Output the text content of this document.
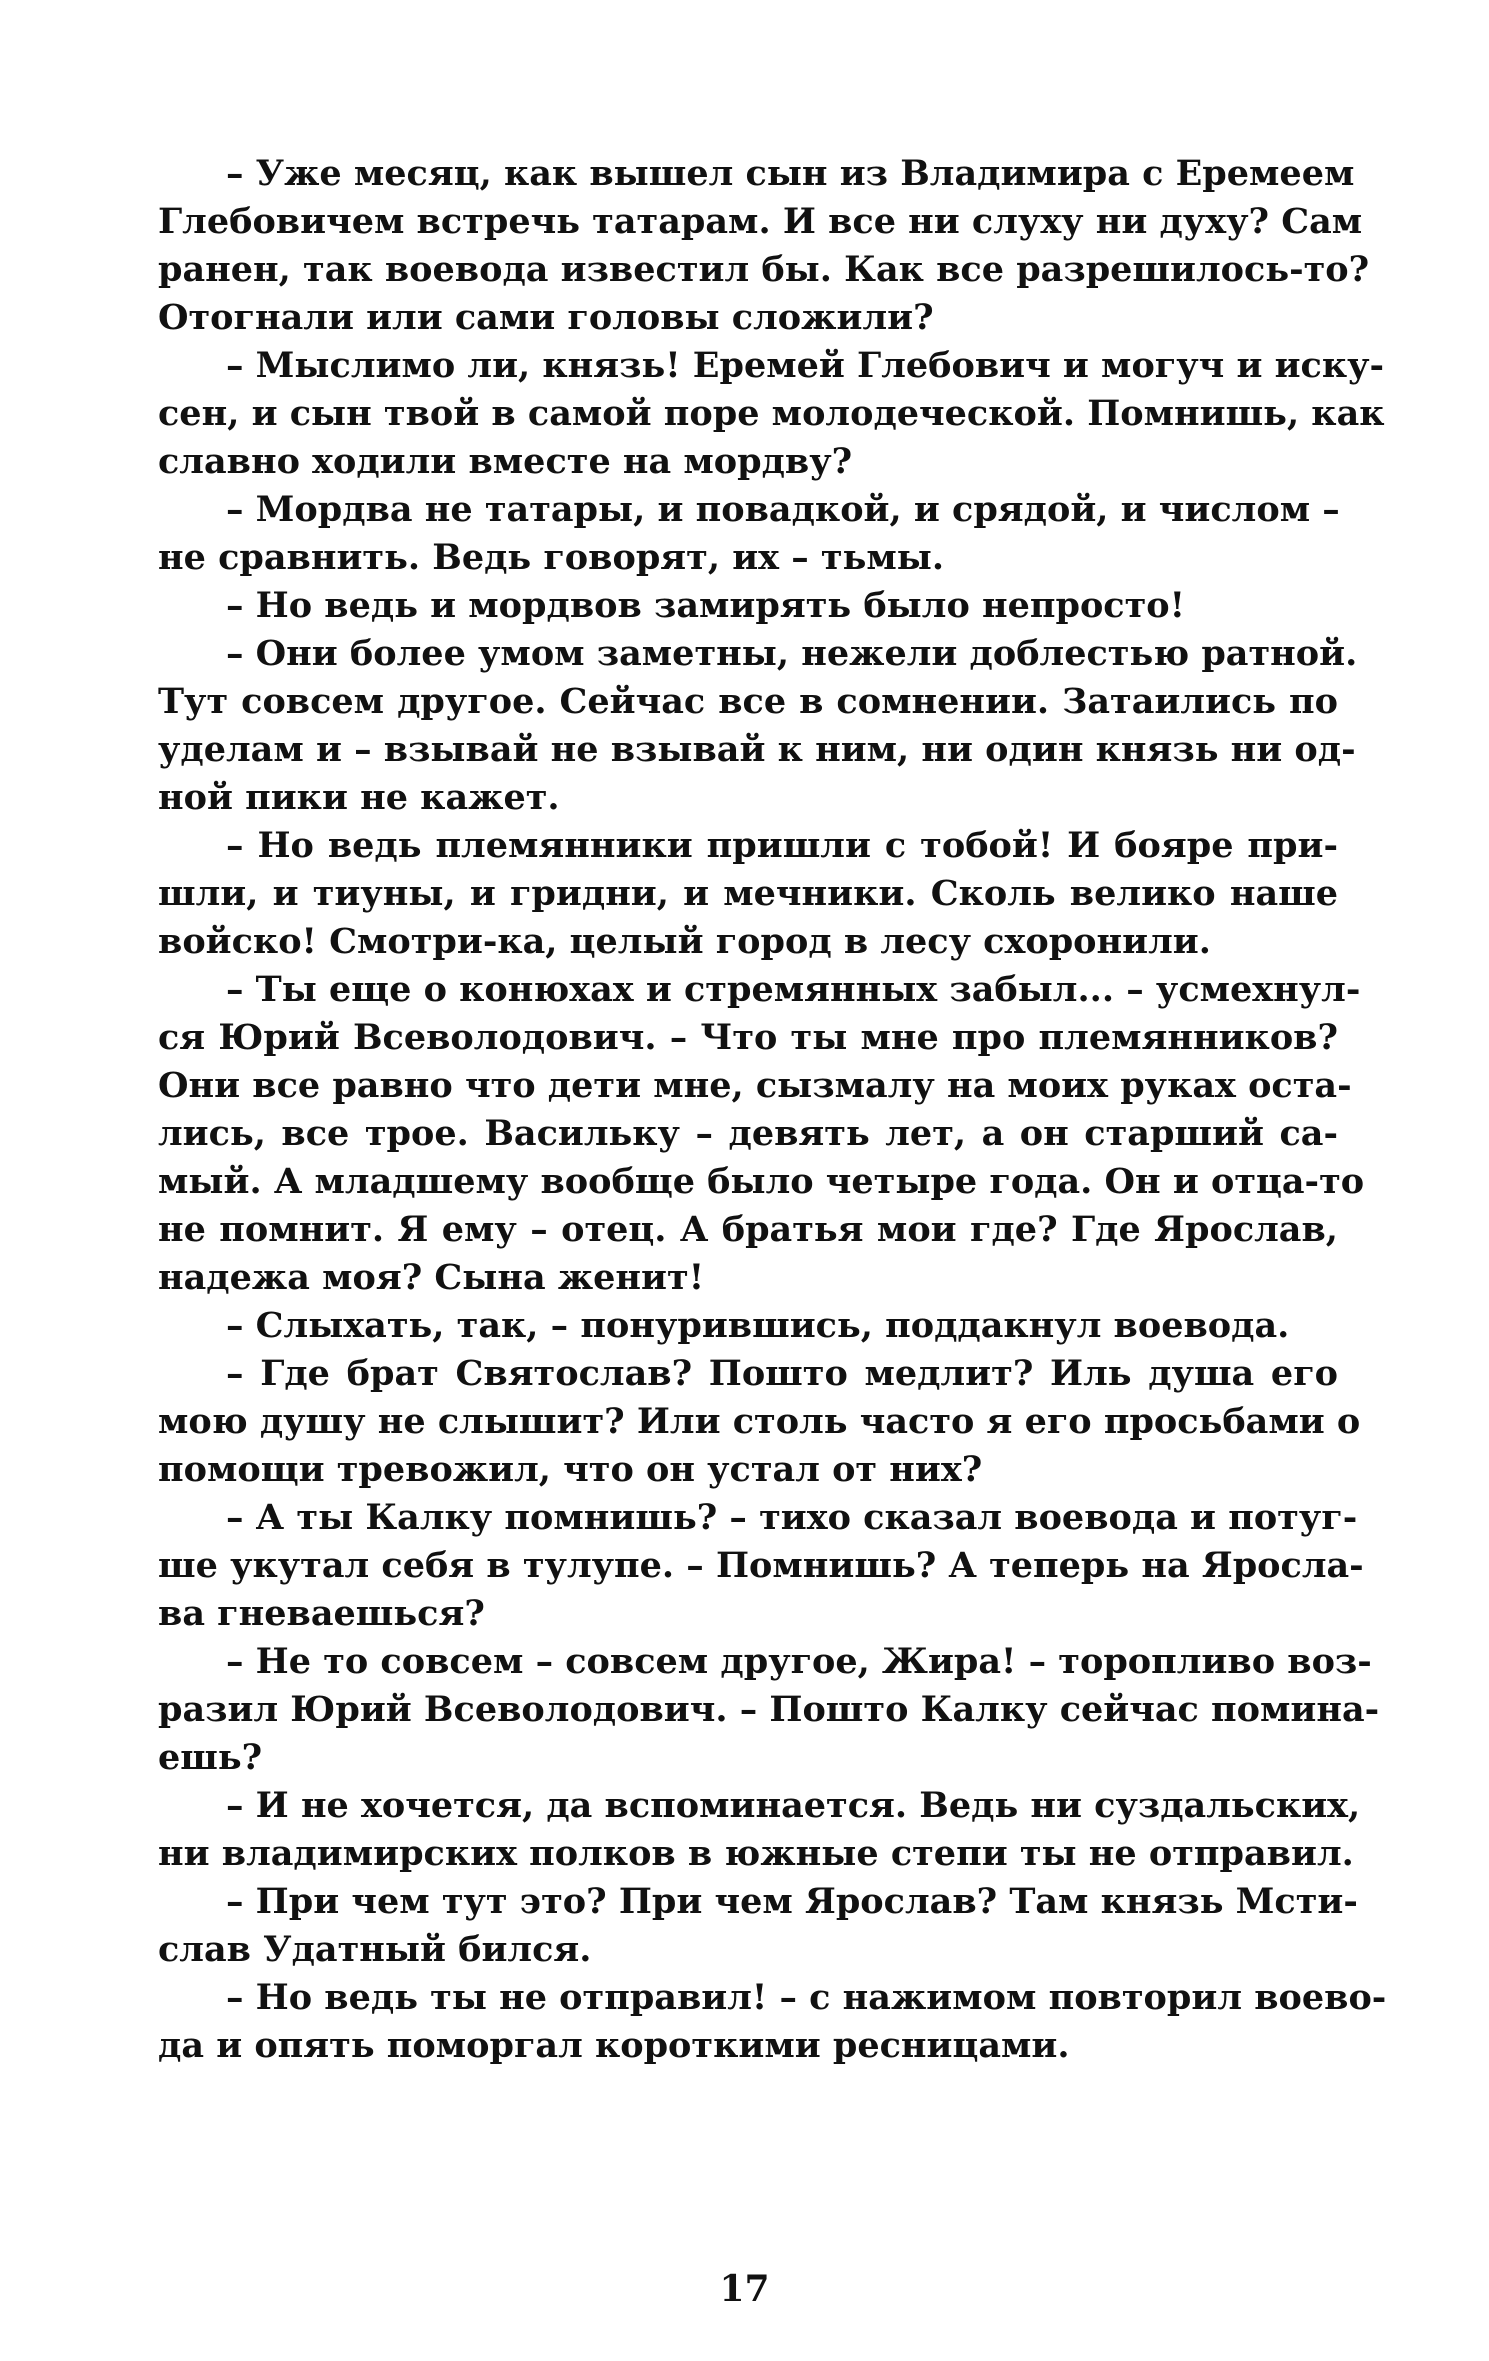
– Уже месяц, как вышел сын из Владимира с Еремеем
Глебовичем встречь татарам. И все ни слуху ни духу? Сам
ранен, так воевода известил бы. Как все разрешилось-то?
Отогнали или сами головы сложили?
– Мыслимо ли, князь! Еремей Глебович и могуч и иску-
сен, и сын твой в самой поре молодеческой. Помнишь, как
славно ходили вместе на мордву?
– Мордва не татары, и повадкой, и срядой, и числом –
не сравнить. Ведь говорят, их – тьмы.
– Но ведь и мордвов замирять было непросто!
– Они более умом заметны, нежели доблестью ратной.
Тут совсем другое. Сейчас все в сомнении. Затаились по
уделам и – взывай не взывай к ним, ни один князь ни од-
ной пики не кажет.
– Но ведь племянники пришли с тобой! И бояре при-
шли, и тиуны, и гридни, и мечники. Сколь велико наше
войско! Смотри-ка, целый город в лесу схоронили.
– Ты еще о конюхах и стремянных забыл... – усмехнул-
ся Юрий Всеволодович. – Что ты мне про племянников?
Они все равно что дети мне, сызмалу на моих руках оста-
лись, все трое. Васильку – девять лет, а он старший са-
мый. А младшему вообще было четыре года. Он и отца-то
не помнит. Я ему – отец. А братья мои где? Где Ярослав,
надежа моя? Сына женит!
– Слыхать, так, – понурившись, поддакнул воевода.
– Где брат Святослав? Пошто медлит? Иль душа его
мою душу не слышит? Или столь часто я его просьбами о
помощи тревожил, что он устал от них?
– А ты Калку помнишь? – тихо сказал воевода и потуг-
ше укутал себя в тулупе. – Помнишь? А теперь на Яросла-
ва гневаешься?
– Не то совсем – совсем другое, Жира! – торопливо воз-
разил Юрий Всеволодович. – Пошто Калку сейчас помина-
ешь?
– И не хочется, да вспоминается. Ведь ни суздальских,
ни владимирских полков в южные степи ты не отправил.
– При чем тут это? При чем Ярослав? Там князь Мсти-
слав Удатный бился.
– Но ведь ты не отправил! – с нажимом повторил воево-
да и опять поморгал короткими ресницами.
17
